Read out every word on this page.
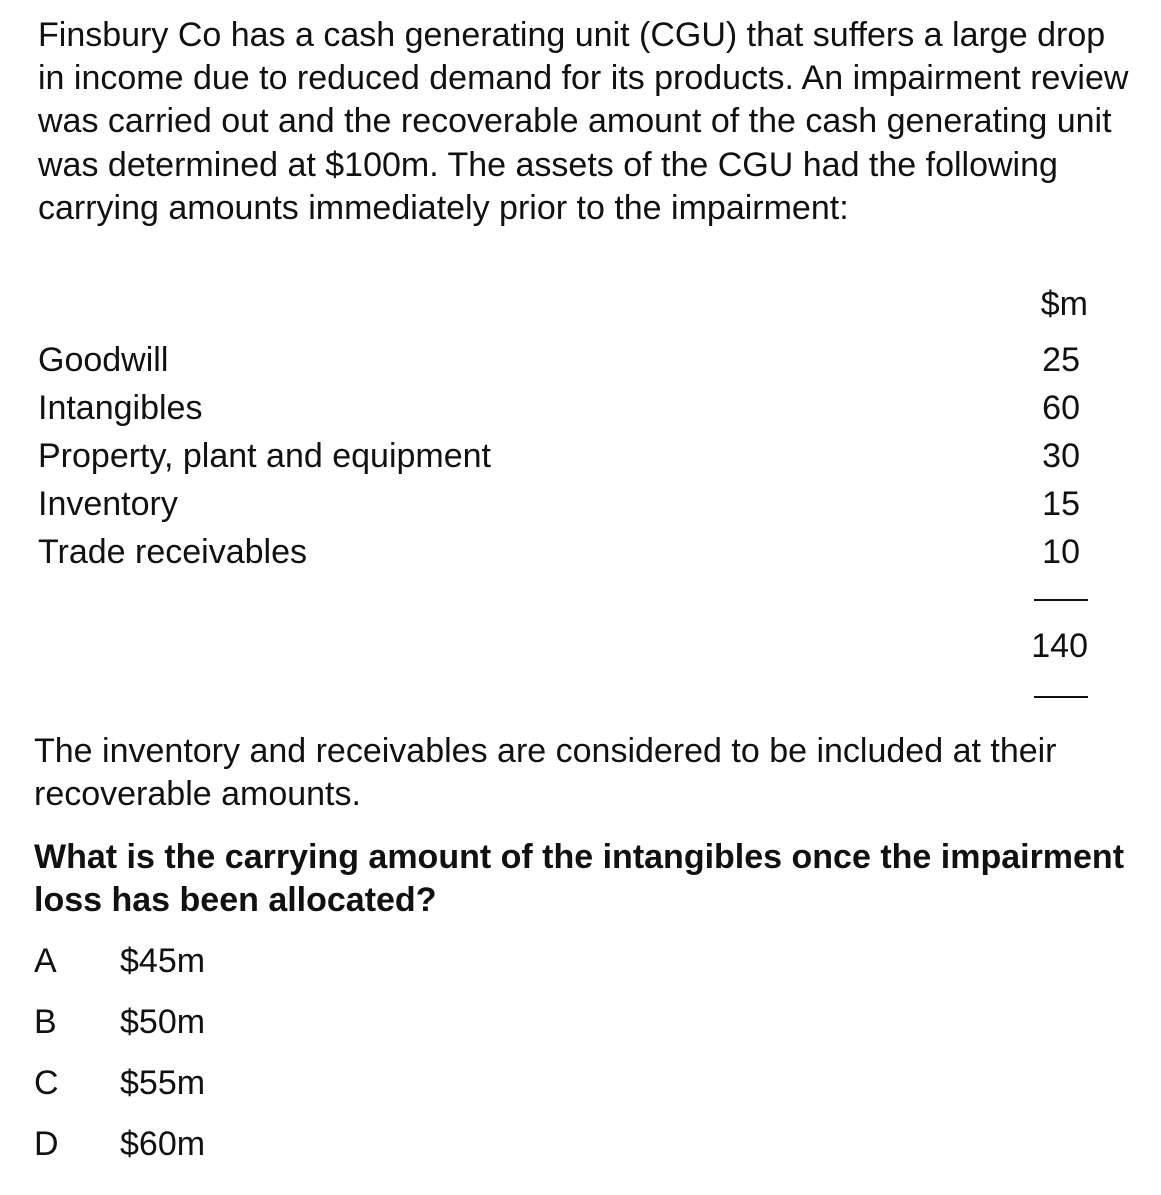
Finsbury Co has a cash generating unit (CGU) that suffers a large drop in income due to reduced demand for its products. An impairment review was carried out and the recoverable amount of the cash generating unit was determined at $100m. The assets of the CGU had the following carrying amounts immediately prior to the impairment:

$m
Goodwill	25
Intangibles	60
Property, plant and equipment	30
Inventory	15
Trade receivables	10
140

The inventory and receivables are considered to be included at their recoverable amounts.

What is the carrying amount of the intangibles once the impairment loss has been allocated?

A $45m
B $50m
C $55m
D $60m
